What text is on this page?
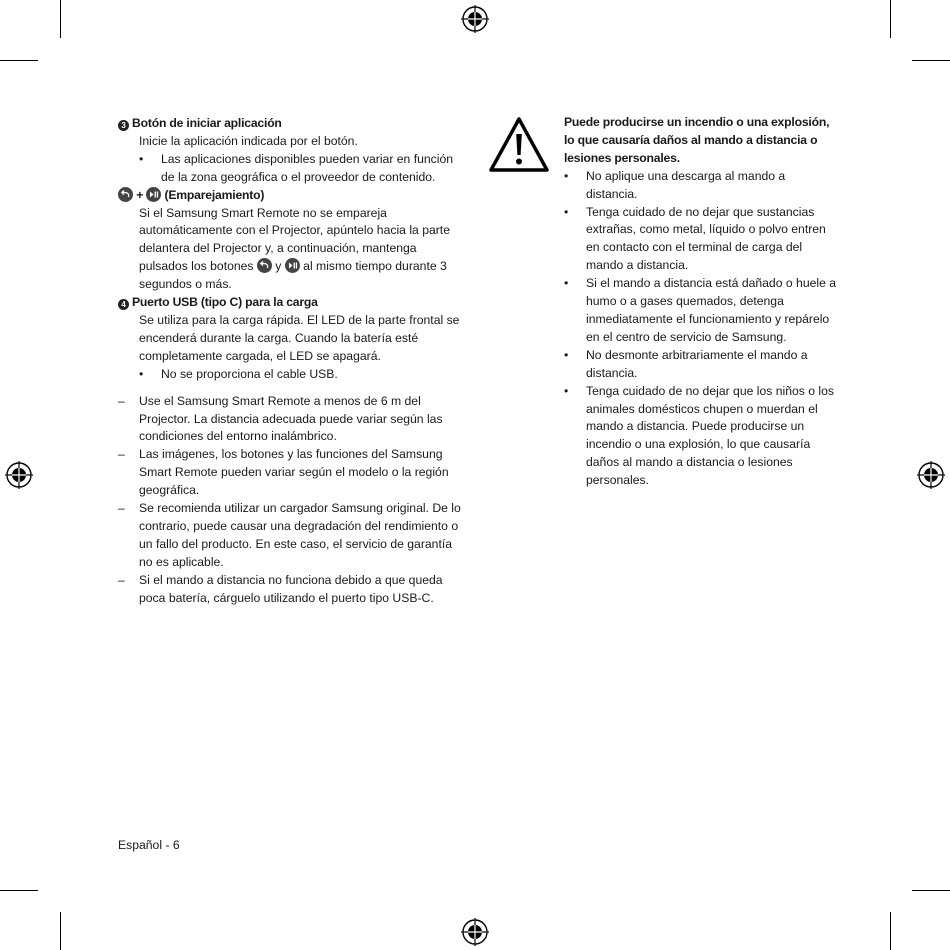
3 Botón de iniciar aplicación
Inicie la aplicación indicada por el botón.
• Las aplicaciones disponibles pueden variar en función de la zona geográfica o el proveedor de contenido.
+ (Emparejamiento)
Si el Samsung Smart Remote no se empareja automáticamente con el Projector, apúntelo hacia la parte delantera del Projector y, a continuación, mantenga pulsados los botones y al mismo tiempo durante 3 segundos o más.
4 Puerto USB (tipo C) para la carga
Se utiliza para la carga rápida. El LED de la parte frontal se encenderá durante la carga. Cuando la batería esté completamente cargada, el LED se apagará.
• No se proporciona el cable USB.
– Use el Samsung Smart Remote a menos de 6 m del Projector. La distancia adecuada puede variar según las condiciones del entorno inalámbrico.
– Las imágenes, los botones y las funciones del Samsung Smart Remote pueden variar según el modelo o la región geográfica.
– Se recomienda utilizar un cargador Samsung original. De lo contrario, puede causar una degradación del rendimiento o un fallo del producto. En este caso, el servicio de garantía no es aplicable.
– Si el mando a distancia no funciona debido a que queda poca batería, cárguelo utilizando el puerto tipo USB-C.
Puede producirse un incendio o una explosión, lo que causaría daños al mando a distancia o lesiones personales.
• No aplique una descarga al mando a distancia.
• Tenga cuidado de no dejar que sustancias extrañas, como metal, líquido o polvo entren en contacto con el terminal de carga del mando a distancia.
• Si el mando a distancia está dañado o huele a humo o a gases quemados, detenga inmediatamente el funcionamiento y repárelo en el centro de servicio de Samsung.
• No desmonte arbitrariamente el mando a distancia.
• Tenga cuidado de no dejar que los niños o los animales domésticos chupen o muerdan el mando a distancia. Puede producirse un incendio o una explosión, lo que causaría daños al mando a distancia o lesiones personales.
Español - 6
